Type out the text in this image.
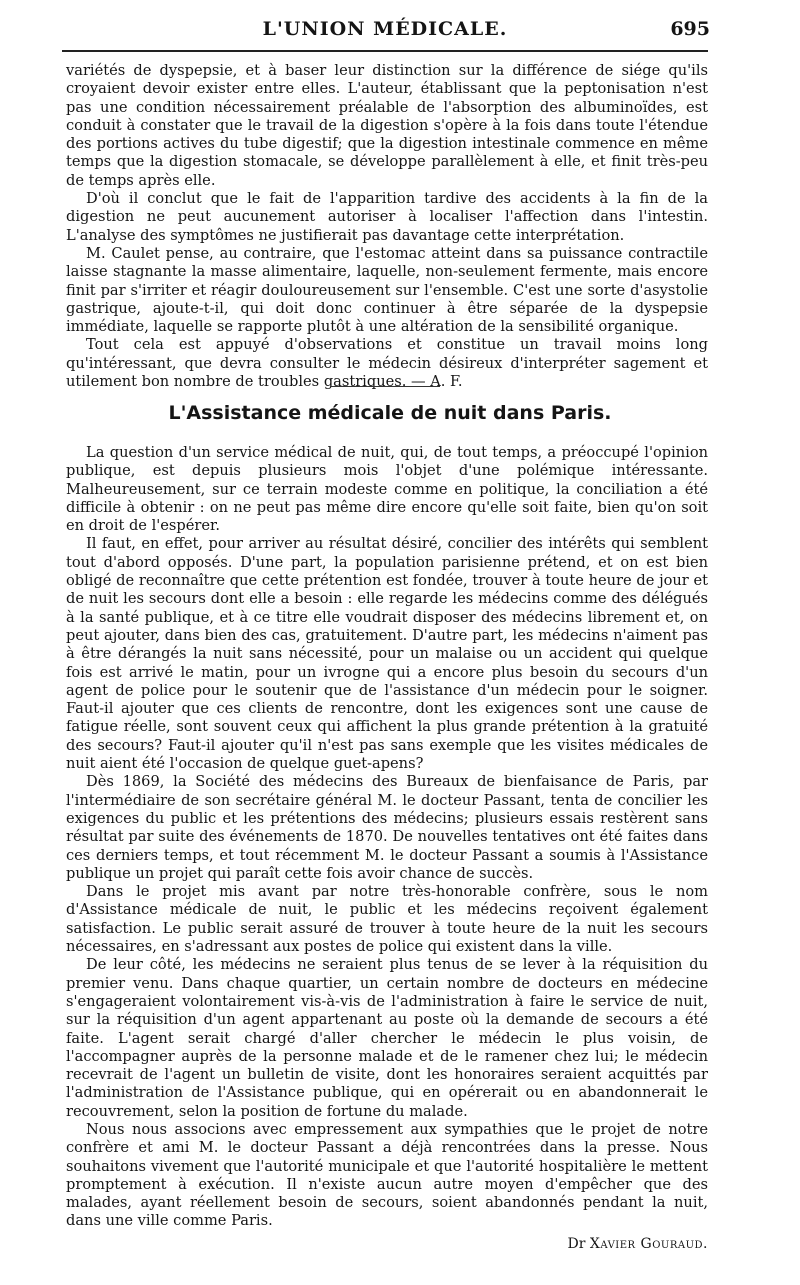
L'UNION MÉDICALE.	695

variétés de dyspepsie, et à baser leur distinction sur la différence de siége qu'ils croyaient devoir exister entre elles. L'auteur, établissant que la peptonisation n'est pas une condition nécessairement préalable de l'absorption des albuminoïdes, est conduit à constater que le travail de la digestion s'opère à la fois dans toute l'étendue des portions actives du tube digestif; que la digestion intestinale commence en même temps que la digestion stomacale, se développe parallèlement à elle, et finit très-peu de temps après elle.

D'où il conclut que le fait de l'apparition tardive des accidents à la fin de la digestion ne peut aucunement autoriser à localiser l'affection dans l'intestin. L'analyse des symptômes ne justifierait pas davantage cette interprétation.

M. Caulet pense, au contraire, que l'estomac atteint dans sa puissance contractile laisse stagnante la masse alimentaire, laquelle, non-seulement fermente, mais encore finit par s'irriter et réagir douloureusement sur l'ensemble. C'est une sorte d'asystolie gastrique, ajoute-t-il, qui doit donc continuer à être séparée de la dyspepsie immédiate, laquelle se rapporte plutôt à une altération de la sensibilité organique.

Tout cela est appuyé d'observations et constitue un travail moins long qu'intéressant, que devra consulter le médecin désireux d'interpréter sagement et utilement bon nombre de troubles gastriques. — A. F.

L'Assistance médicale de nuit dans Paris.

La question d'un service médical de nuit, qui, de tout temps, a préoccupé l'opinion publique, est depuis plusieurs mois l'objet d'une polémique intéressante. Malheureusement, sur ce terrain modeste comme en politique, la conciliation a été difficile à obtenir : on ne peut pas même dire encore qu'elle soit faite, bien qu'on soit en droit de l'espérer.

Il faut, en effet, pour arriver au résultat désiré, concilier des intérêts qui semblent tout d'abord opposés. D'une part, la population parisienne prétend, et on est bien obligé de reconnaître que cette prétention est fondée, trouver à toute heure de jour et de nuit les secours dont elle a besoin : elle regarde les médecins comme des délégués à la santé publique, et à ce titre elle voudrait disposer des médecins librement et, on peut ajouter, dans bien des cas, gratuitement. D'autre part, les médecins n'aiment pas à être dérangés la nuit sans nécessité, pour un malaise ou un accident qui quelque fois est arrivé le matin, pour un ivrogne qui a encore plus besoin du secours d'un agent de police pour le soutenir que de l'assistance d'un médecin pour le soigner. Faut-il ajouter que ces clients de rencontre, dont les exigences sont une cause de fatigue réelle, sont souvent ceux qui affichent la plus grande prétention à la gratuité des secours? Faut-il ajouter qu'il n'est pas sans exemple que les visites médicales de nuit aient été l'occasion de quelque guet-apens?

Dès 1869, la Société des médecins des Bureaux de bienfaisance de Paris, par l'intermédiaire de son secrétaire général M. le docteur Passant, tenta de concilier les exigences du public et les prétentions des médecins; plusieurs essais restèrent sans résultat par suite des événements de 1870. De nouvelles tentatives ont été faites dans ces derniers temps, et tout récemment M. le docteur Passant a soumis à l'Assistance publique un projet qui paraît cette fois avoir chance de succès.

Dans le projet mis avant par notre très-honorable confrère, sous le nom d'Assistance médicale de nuit, le public et les médecins reçoivent également satisfaction. Le public serait assuré de trouver à toute heure de la nuit les secours nécessaires, en s'adressant aux postes de police qui existent dans la ville.

De leur côté, les médecins ne seraient plus tenus de se lever à la réquisition du premier venu. Dans chaque quartier, un certain nombre de docteurs en médecine s'engageraient volontairement vis-à-vis de l'administration à faire le service de nuit, sur la réquisition d'un agent appartenant au poste où la demande de secours a été faite. L'agent serait chargé d'aller chercher le médecin le plus voisin, de l'accompagner auprès de la personne malade et de le ramener chez lui; le médecin recevrait de l'agent un bulletin de visite, dont les honoraires seraient acquittés par l'administration de l'Assistance publique, qui en opérerait ou en abandonnerait le recouvrement, selon la position de fortune du malade.

Nous nous associons avec empressement aux sympathies que le projet de notre confrère et ami M. le docteur Passant a déjà rencontrées dans la presse. Nous souhaitons vivement que l'autorité municipale et que l'autorité hospitalière le mettent promptement à exécution. Il n'existe aucun autre moyen d'empêcher que des malades, ayant réellement besoin de secours, soient abandonnés pendant la nuit, dans une ville comme Paris.

Dr Xavier Gouraud.
